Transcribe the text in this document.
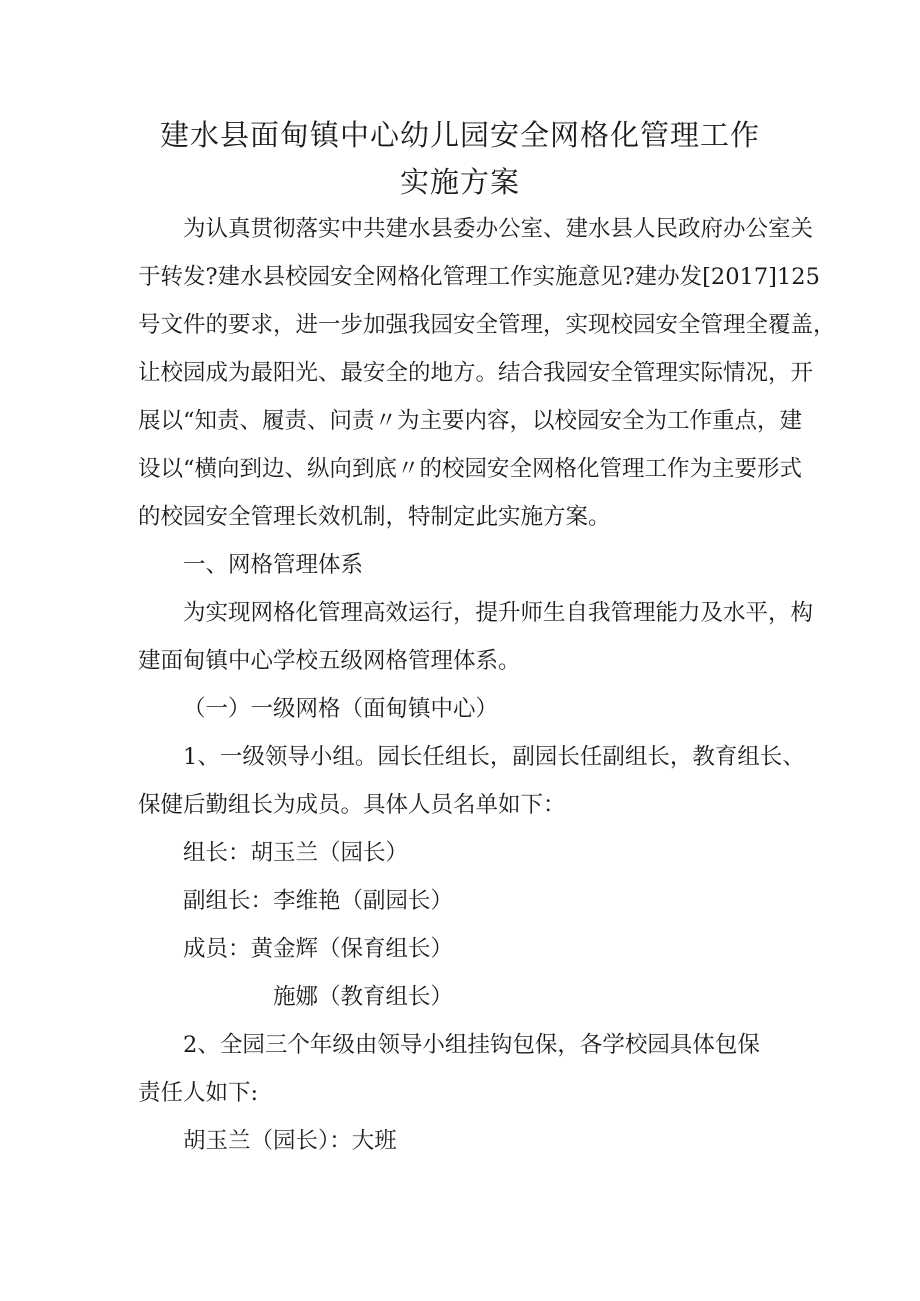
建水县面甸镇中心幼儿园安全网格化管理工作
实施方案
为认真贯彻落实中共建水县委办公室、建水县人民政府办公室关
于转发?建水县校园安全网格化管理工作实施意见?建办发[2017]125
号文件的要求，进一步加强我园安全管理，实现校园安全管理全覆盖，
让校园成为最阳光、最安全的地方。结合我园安全管理实际情况，开
展以“知责、履责、问责〃为主要内容，以校园安全为工作重点，建
设以“横向到边、纵向到底〃的校园安全网格化管理工作为主要形式
的校园安全管理长效机制，特制定此实施方案。
一、网格管理体系
为实现网格化管理高效运行，提升师生自我管理能力及水平，构
建面甸镇中心学校五级网格管理体系。
（一）一级网格（面甸镇中心）
1、一级领导小组。园长任组长，副园长任副组长，教育组长、
保健后勤组长为成员。具体人员名单如下：
组长：胡玉兰（园长）
副组长：李维艳（副园长）
成员：黄金辉（保育组长）
施娜（教育组长）
2、全园三个年级由领导小组挂钩包保，各学校园具体包保
责任人如下:
胡玉兰（园长）：大班
